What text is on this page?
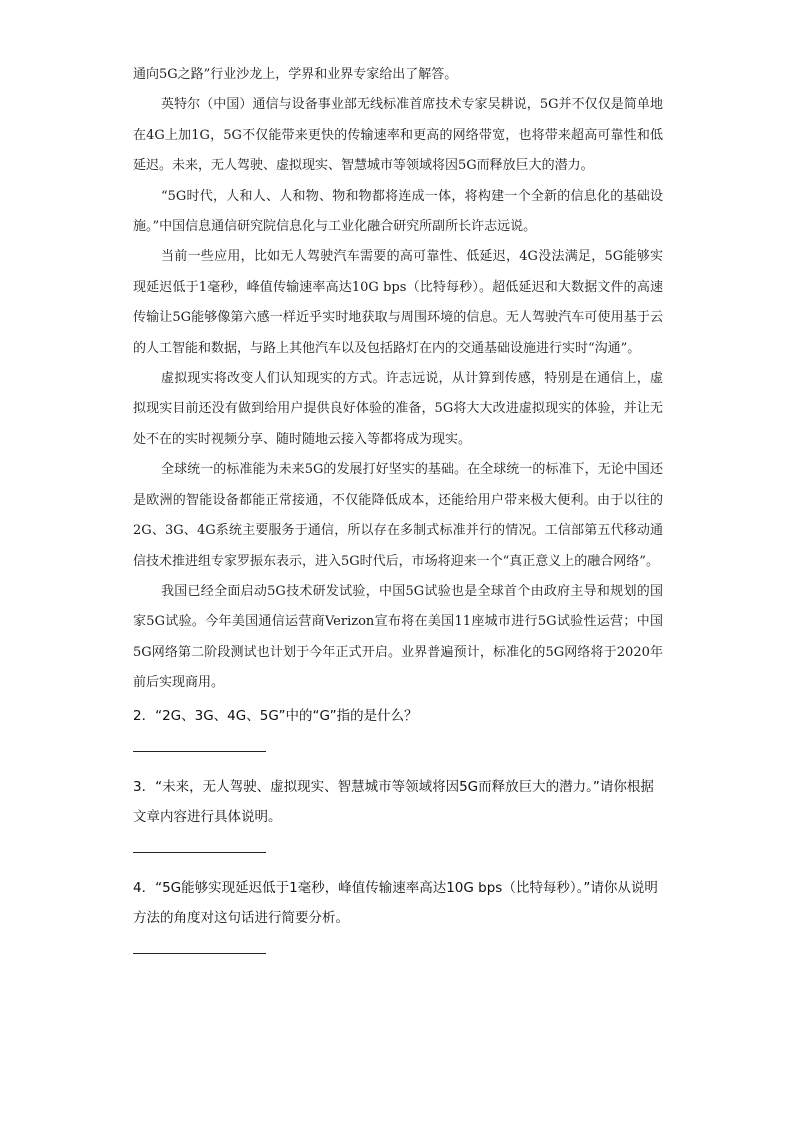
通向5G之路”行业沙龙上，学界和业界专家给出了解答。

英特尔（中国）通信与设备事业部无线标准首席技术专家吴耕说，5G并不仅仅是简单地在4G上加1G，5G不仅能带来更快的传输速率和更高的网络带宽，也将带来超高可靠性和低延迟。未来，无人驾驶、虚拟现实、智慧城市等领域将因5G而释放巨大的潜力。

“5G时代，人和人、人和物、物和物都将连成一体，将构建一个全新的信息化的基础设施。”中国信息通信研究院信息化与工业化融合研究所副所长许志远说。

当前一些应用，比如无人驾驶汽车需要的高可靠性、低延迟，4G没法满足，5G能够实现延迟低于1毫秒，峰值传输速率高达10G bps（比特每秒）。超低延迟和大数据文件的高速传输让5G能够像第六感一样近乎实时地获取与周围环境的信息。无人驾驶汽车可使用基于云的人工智能和数据，与路上其他汽车以及包括路灯在内的交通基础设施进行实时“沟通”。

虚拟现实将改变人们认知现实的方式。许志远说，从计算到传感，特别是在通信上，虚拟现实目前还没有做到给用户提供良好体验的准备，5G将大大改进虚拟现实的体验，并让无处不在的实时视频分享、随时随地云接入等都将成为现实。

全球统一的标准能为未来5G的发展打好坚实的基础。在全球统一的标准下，无论中国还是欧洲的智能设备都能正常接通，不仅能降低成本，还能给用户带来极大便利。由于以往的2G、3G、4G系统主要服务于通信，所以存在多制式标准并行的情况。工信部第五代移动通信技术推进组专家罗振东表示，进入5G时代后，市场将迎来一个“真正意义上的融合网络”。

我国已经全面启动5G技术研发试验，中国5G试验也是全球首个由政府主导和规划的国家5G试验。今年美国通信运营商Verizon宣布将在美国11座城市进行5G试验性运营；中国5G网络第二阶段测试也计划于今年正式开启。业界普遍预计，标准化的5G网络将于2020年前后实现商用。

2．“2G、3G、4G、5G”中的“G”指的是什么？

3．“未来，无人驾驶、虚拟现实、智慧城市等领域将因5G而释放巨大的潜力。”请你根据文章内容进行具体说明。

4．“5G能够实现延迟低于1毫秒，峰值传输速率高达10G bps（比特每秒）。”请你从说明方法的角度对这句话进行简要分析。
